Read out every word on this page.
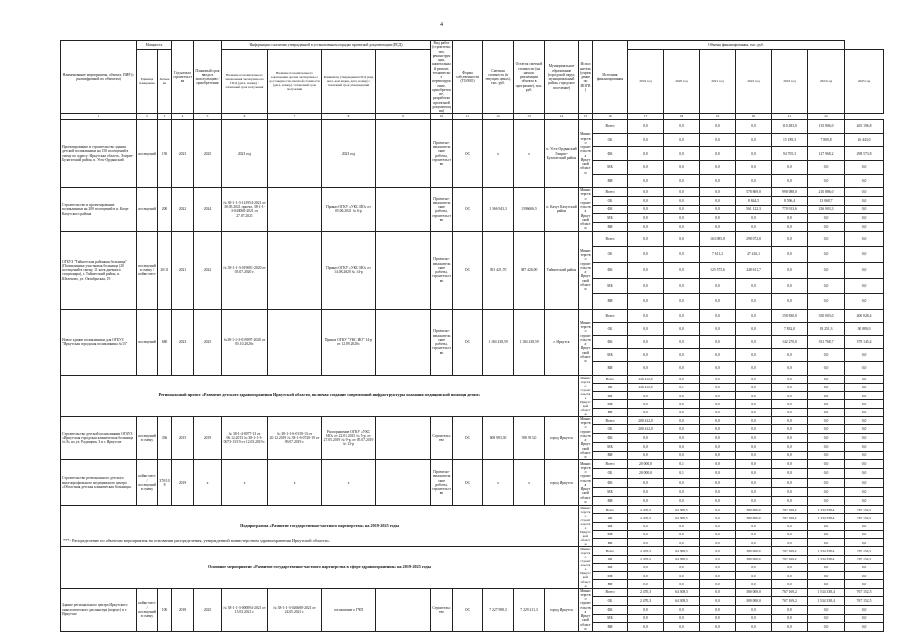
4
Наименование мероприятия, объекта, ПИР (с расшифровкой по объектам)	Мощность		Год начала строительства	Плановый срок ввода в эксплуатацию / приобретения	Информация о наличии утвержденной в установленном порядке проектной документации (ПСД)				Вид работ (строительство, реконструкция, капитальный ремонт, техническое перевооружение, приобретение, разработка проектной документации)	Форма собственности (ГО/МО)	Сметная стоимость (в текущих ценах), тыс. руб.	Остаток сметной стоимости (на начало реализации объекта в программе), тыс. руб.	Муниципальное образование (городской округ, муниципальный район, городское поселение)	Исполнитель (учреждение по ИОГВ)	Источник финансирования	Объемы финансирования, тыс. руб.						
	Единица измерения	Значение			Наличие положительного заключения экспертизы на ПСД (дата, номер) / плановый срок получения	Наличие положительного заключения органа экспертизы о достоверности сметной стоимости (дата, номер) / плановый срок получения	Реквизиты утверждения ПСД (вид акта, кем издан, дата, номер) / плановый срок утверждения									2019 год	2020 год	2021 год	2022 год	2023 год	2024 год	2025 год
1	2	3	4	5	6	7	8	9	10	11	12	13	14	15	16	17	18	19	20	21	22	
Проектирование и строительство здания детской поликлиники на 150 посещений в смену по адресу: Иркутская область, Эхирит-Булагатский район, п. Усть-Ордынский	посещений	150	2023	2025	2023 год		2023 год		Проектно-изыскательские работы, строительство	ОС	х	х	п. Усть-Ордынский Эхирит-Булагатский район	Министерство строительства Иркутской области	Всего	0,0	0,0	0,0	0,0	110 283,0	135 806,0	265 196,8
															ОБ	0,0	0,0	0,0	0,0	15 189,3	7 809,8	16 443,0
															ФБ	0,0	0,0	0,0	0,0	94 705,3	127 968,2	298 573,8
															МБ	0,0	0,0	0,0	0,0	0,0	0,0	0,0
															ВИ	0,0	0,0	0,0	0,0	0,0	0,0	0,0
Строительство и проектирование поликлиники на 200 посещений в п. Качуг Качугского района	посещений	200	2022	2024	№ 38-1-1-3-141954-2021 от 30.05.2021 проект, 38-1-1-3-043068-2021 от 27.07.2021		Приказ ОГКУ «УКС ИО» от 05.06.2021 № 6-р		Проектно-изыскательские работы, строительство	ОС	1 366 943,3	1396606,5	п. Качуг Качугский район	Министерство строительства Иркутской области	Всего	0,0	0,0	0,0	578 869,0	990 088,0	210 886,0	0,0
															ОБ	0,0	0,0	0,0	8 844,5	8 596,4	13 068,7	0,0
															ФБ	0,0	0,0	0,0	561 122,3	770 913,6	236 903,3	0,0
															МБ	0,0	0,0	0,0	0,0	0,0	0,0	0,0
															ВИ	0,0	0,0	0,0	0,0	0,0	0,0	0,0
ОГБУЗ "Тайшетская районная больница" (Поликлиника участковая больница (20 посещений в смену, 11 коек дневного стационара), г. Тайшетский район, п. Шелехово, ул. Октябрьская, 19	посещений в смену / койко-мест	20/11	2021	2022	№ 38-1-1-3-019081-2020 от 05.07.2020 г.		Приказ ОГКУ «УКС ИО» от 14.08.2020 № 14-р		Проектно-изыскательские работы, строительство	ОС	391 421,70	387 426,00	Тайшетский район	Министерство строительства Иркутской области	Всего	0,0	0,0	163 085,8	298 072,8	0,0	0,0	0,0
															ОБ	0,0	0,0	7 611,2	47 416,1	0,0	0,0	0,0
															ФБ	0,0	0,0	125 575,6	248 611,7	0,0	0,0	0,0
															МБ	0,0	0,0	0,0	0,0	0,0	0,0	0,0
															ВИ	0,0	0,0	0,0	0,0	0,0	0,0	0,0
Новое здание поликлиники для ОГБУЗ "Иркутская городская поликлиника №15"	посещений	680	2023	2025	№38-1-1-3-019097-2020 от 05.10.2020г.		Приказ ОГКУ "УКС ИО" 14-р от 12.09.2020г.		Проектно-изыскательские работы, строительство	ОС	1 184 238,59	1 184 238,59	г. Иркутск	Министерство строительства Иркутской области	Всего	0,0	0,0	0,0	0,0	158 830,0	350 003,0	400 028,4
															ОБ	0,0	0,0	0,0	0,0	7 832,0	18 251,3	30 880,0
															ФБ	0,0	0,0	0,0	0,0	142 270,0	331 768,7	379 145,4
															МБ	0,0	0,0	0,0	0,0	0,0	0,0	0,0
															ВИ	0,0	0,0	0,0	0,0	0,0	0,0	0,0
Региональный проект «Развитие детского здравоохранения Иркутской области, включая создание современной инфраструктуры оказания медицинской помощи детям»														Министерство строительства Иркутской области	Всего	220 412,0	0,0	0,0	0,0	0,0	0,0	0,0
															ОБ	220 412,0	0,1	0,0	0,0	0,0	0,0	0,0
															ФБ	0,0	0,0	0,0	0,0	0,0	0,0	0,0
															МБ	0,0	0,0	0,0	0,0	0,0	0,0	0,0
															ВИ	0,0	0,0	0,0	0,0	0,0	0,0	0,0
Строительство детской поликлиники ОГАУЗ «Иркутская городская клиническая больница № 8» по ул. Радищева, 3 в г. Иркутске	посещений в смену	336	2015	2019	№ 38-1-4-0077-13 от 06.12.2013 № 38-1-1-3-0073-13/19 от 12.03.2019 г.	№ 38-1-1-6-0139-13 от 20.12.2019 № 38-1-6-0720-19 от 09.07.2019 г.	Распоряжение ОГКУ «УКС ИО» от 22.01.2015 № 5-р, от 27.05.2019 № 9-р, от 05.07.2019 № 13-р		Строительство	ОС	608 983,30	390 913,0	город Иркутск	Министерство строительства Иркутской области	Всего	200 412,0	0,0	0,0	0,0	0,0	0,0	0,0
															ОБ	200 412,0	0,0	0,0	0,0	0,0	0,0	0,0
															ФБ	0,0	0,0	0,0	0,0	0,0	0,0	0,0
															МБ	0,0	0,0	0,0	0,0	0,0	0,0	0,0
															ВИ	0,0	0,0	0,0	0,0	0,0	0,0	0,0
Строительство регионального детского многопрофильного медицинского центра «Областная детская клиническая больница»	койко-мест / посещений в смену	370/108	2019	х	х	х	х		Проектно-изыскательские работы, строительство	ОС	х	х	город Иркутск	Министерство строительства Иркутской области	Всего	20 000,0	0,1	0,0	0,0	0,0	0,0	0,0
															ОБ	20 000,0	0,1	0,0	0,0	0,0	0,0	0,0
															ФБ	0,0	0,0	0,0	0,0	0,0	0,0	0,0
															МБ	0,0	0,0	0,0	0,0	0,0	0,0	0,0
															ВИ	0,0	0,0	0,0	0,0	0,0	0,0	0,0
Подпрограмма «Развитие государственно-частного партнерства» на 2019-2025 годы														Министерство строительства Иркутской области	Всего	2 470,3	64 308,5	0,0	380 000,0	767 169,2	1 534 338,4	767 152,5
															ОБ	2 470,3	64 308,5	0,0	380 000,0	767 169,2	1 534 338,4	767 152,5
															ФБ	0,0	0,0	0,0	0,0	0,0	0,0	0,0
															МБ	0,0	0,0	0,0	0,0	0,0	0,0	0,0
															ВИ	0,0	0,0	0,0	0,0	0,0	0,0	0,0
Основное мероприятие «Развитие государственно-частного партнерства в сфере здравоохранения» на 2019-2025 годы														Министерство строительства Иркутской области	Всего	2 470,3	64 308,5	0,0	380 000,0	767 169,2	1 534 338,4	767 152,5
															ОБ	2 470,3	64 308,5	0,0	380 000,0	767 169,2	1 534 338,4	767 152,5
															ФБ	0,0	0,0	0,0	0,0	0,0	0,0	0,0
															МБ	0,0	0,0	0,0	0,0	0,0	0,0	0,0
															ВИ	0,0	0,0	0,0	0,0	0,0	0,0	0,0
Здание регионального центра Иркутского онкологического диспансера (корпус) в г. Иркутске	койко-мест / посещений в смену	100	2018	2025	№ 38-1-1-3-000094-2021 от 15.03.2021 г.	№ 38-1-1-3-026688-2021 от 24.05.2021 г.	соглашение о ГЧП		Строительство	ОС	7 227 998,3	7 229 211,3	город Иркутск	Министерство строительства Иркутской области	Всего	2 470,3	64 308,5	0,0	380 000,0	767 169,2	1 534 338,4	767 152,5
															ОБ	2 470,3	64 308,5	0,0	380 000,0	767 169,2	1 534 338,4	767 152,5
															ФБ	0,0	0,0	0,0	0,0	0,0	0,0	0,0
															МБ	0,0	0,0	0,0	0,0	0,0	0,0	0,0
															ВИ	0,0	0,0	0,0	0,0	0,0	0,0	0,0
***- Распределение по объектам мероприятия на основании распределения, утвержденной министерством здравоохранения Иркутской области».
